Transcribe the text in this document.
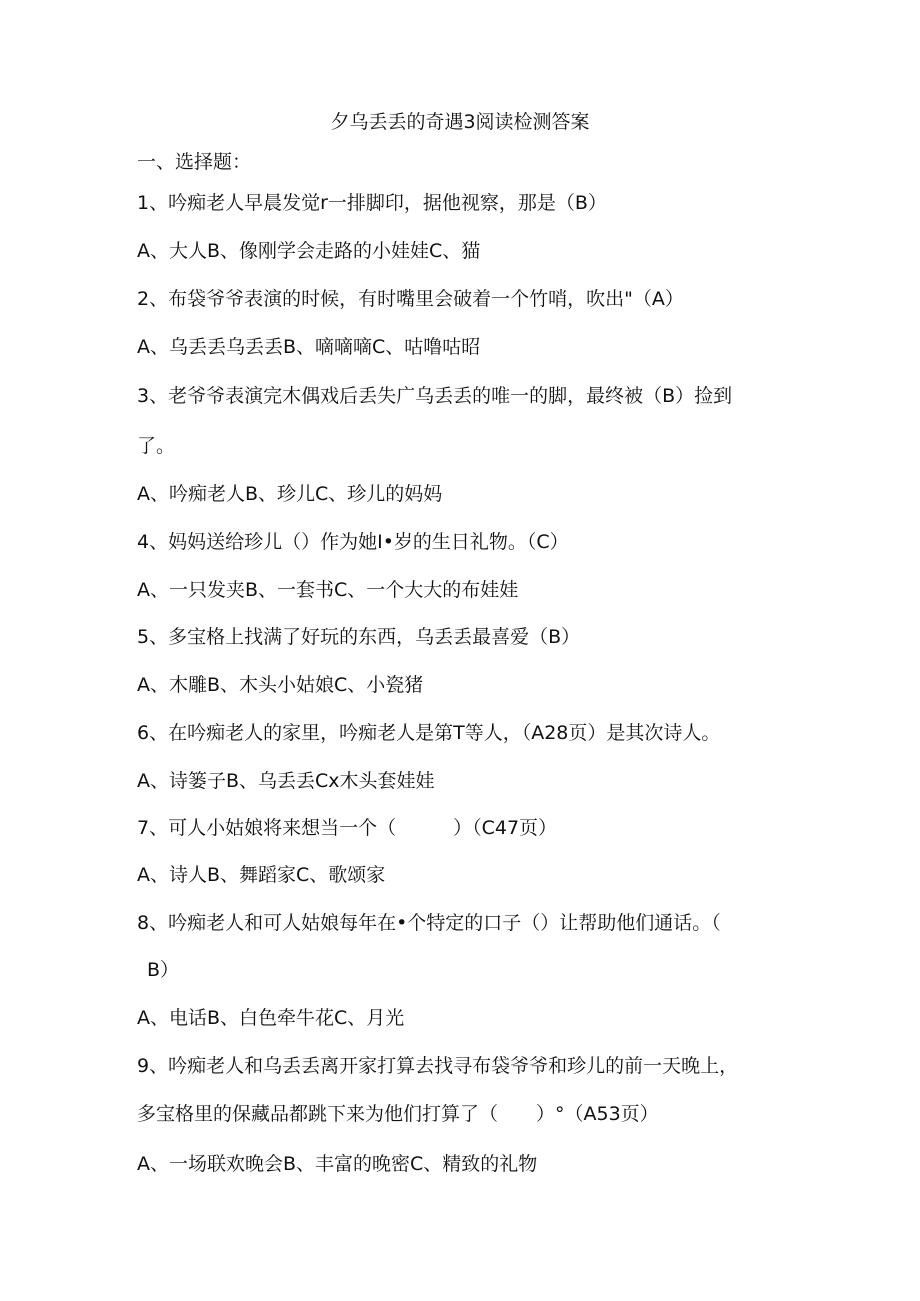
夕乌丢丢的奇遇3阅读检测答案
一、选择题：
1、吟痴老人早晨发觉r一排脚印，据他视察，那是（B）
A、大人B、像刚学会走路的小娃娃C、猫
2、布袋爷爷表演的时候，有时嘴里会破着一个竹哨，吹出"（A）
A、乌丢丢乌丢丢B、嘀嘀嘀C、咕噜咕昭
3、老爷爷表演完木偶戏后丢失广乌丢丢的唯一的脚，最终被（B）捡到
了。
A、吟痴老人B、珍儿C、珍儿的妈妈
4、妈妈送给珍儿（）作为她I•岁的生日礼物。（C）
A、一只发夹B、一套书C、一个大大的布娃娃
5、多宝格上找满了好玩的东西，乌丢丢最喜爱（B）
A、木雕B、木头小姑娘C、小瓷猪
6、在吟痴老人的家里，吟痴老人是第T等人，（A28页）是其次诗人。
A、诗篓子B、乌丢丢Cx木头套娃娃
7、可人小姑娘将来想当一个（　　　）（C47页）
A、诗人B、舞蹈家C、歌颂家
8、吟痴老人和可人姑娘每年在•个特定的口子（）让帮助他们通话。（
B）
A、电话B、白色牵牛花C、月光
9、吟痴老人和乌丢丢离开家打算去找寻布袋爷爷和珍儿的前一天晚上，
多宝格里的保藏品都跳下来为他们打算了（　　）°（A53页）
A、一场联欢晚会B、丰富的晚密C、精致的礼物
